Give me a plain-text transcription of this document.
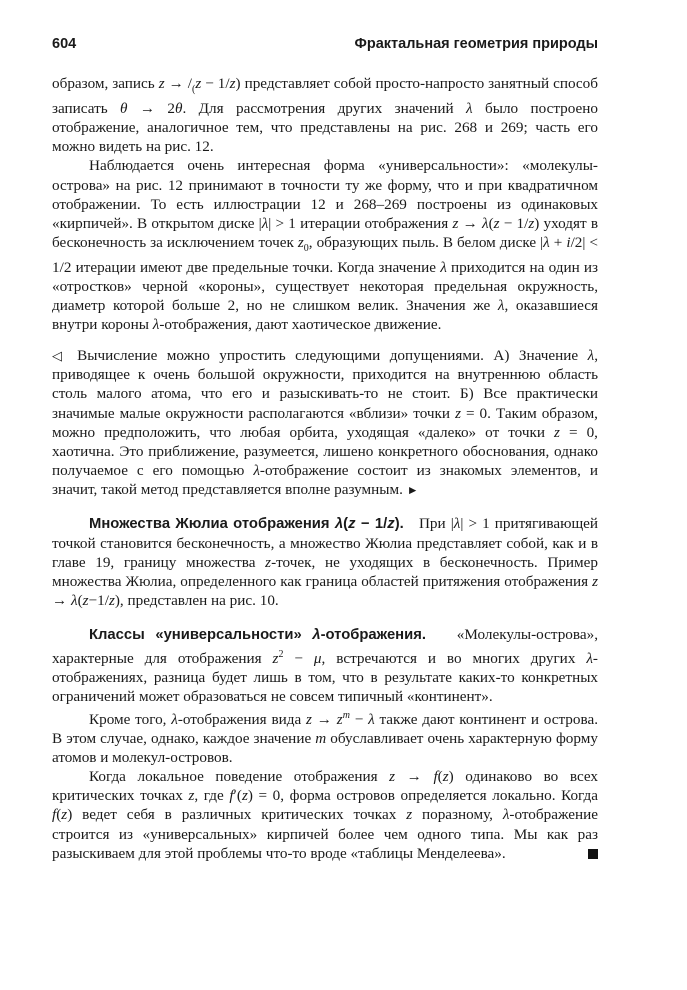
604	Фрактальная геометрия природы

образом, запись $z \to /_(z - 1/z$) представляет собой просто-напросто занятный способ записать θ → 2θ. Для рассмотрения других значений λ было построено отображение, аналогичное тем, что представлены на рис. 268 и 269; часть его можно видеть на рис. 12.

Наблюдается очень интересная форма «универсальности»: «молекулы-острова» на рис. 12 принимают в точности ту же форму, что и при квадратичном отображении. То есть иллюстрации 12 и 268–269 построены из одинаковых «кирпичей». В открытом диске |λ| > 1 итерации отображения z → λ(z − 1/z) уходят в бесконечность за исключением точек $z_0$, образующих пыль. В белом диске |λ + i/2| < 1/2 итерации имеют две предельные точки. Когда значение λ приходится на один из «отростков» черной «короны», существует некоторая предельная окружность, диаметр которой больше 2, но не слишком велик. Значения же λ, оказавшиеся внутри короны λ-отображения, дают хаотическое движение.

◁ Вычисление можно упростить следующими допущениями. А) Значение λ, приводящее к очень большой окружности, приходится на внутреннюю область столь малого атома, что его и разыскивать-то не стоит. Б) Все практически значимые малые окружности располагаются «вблизи» точки z = 0. Таким образом, можно предположить, что любая орбита, уходящая «далеко» от точки z = 0, хаотична. Это приближение, разумеется, лишено конкретного обоснования, однако получаемое с его помощью λ-отображение состоит из знакомых элементов, и значит, такой метод представляется вполне разумным. ►

Множества Жюлиа отображения λ(z − 1/z).   При |λ| > 1 притягивающей точкой становится бесконечность, а множество Жюлиа представляет собой, как и в главе 19, границу множества z-точек, не уходящих в бесконечность. Пример множества Жюлиа, определенного как граница областей притяжения отображения z → λ(z−1/z), представлен на рис. 10.

Классы «универсальности» λ-отображения.   «Молекулы-острова», характерные для отображения $z^2 - \mu$, встречаются и во многих других λ-отображениях, разница будет лишь в том, что в результате каких-то конкретных ограничений может образоваться не совсем типичный «континент».

Кроме того, λ-отображения вида $z \to z^m - \lambda$ также дают континент и острова. В этом случае, однако, каждое значение m обуславливает очень характерную форму атомов и молекул-островов.

Когда локальное поведение отображения z → f(z) одинаково во всех критических точках z, где f′(z) = 0, форма островов определяется локально. Когда f(z) ведет себя в различных критических точках z поразному, λ-отображение строится из «универсальных» кирпичей более чем одного типа. Мы как раз разыскиваем для этой проблемы что-то вроде «таблицы Менделеева».
